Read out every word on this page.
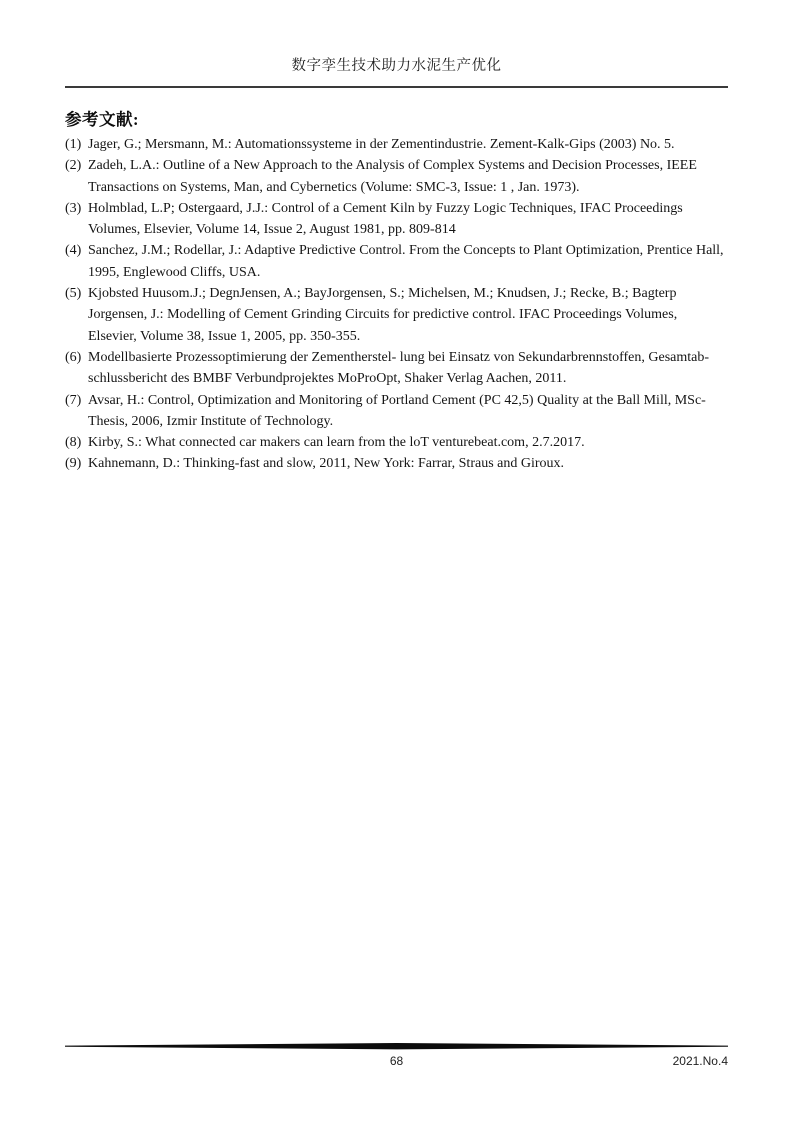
数字孪生技术助力水泥生产优化
参考文献:
(1) Jager, G.; Mersmann, M.: Automationssysteme in der Zementindustrie. Zement-Kalk-Gips (2003) No. 5.
(2) Zadeh, L.A.: Outline of a New Approach to the Analysis of Complex Systems and Decision Processes, IEEE Transactions on Systems, Man, and Cybernetics (Volume: SMC-3, Issue: 1 , Jan. 1973).
(3) Holmblad, L.P; Ostergaard, J.J.: Control of a Cement Kiln by Fuzzy Logic Techniques, IFAC Proceedings Volumes, Elsevier, Volume 14, Issue 2, August 1981, pp. 809-814
(4) Sanchez, J.M.; Rodellar, J.: Adaptive Predictive Control. From the Concepts to Plant Optimization, Prentice Hall, 1995, Englewood Cliffs, USA.
(5) Kjobsted Huusom.J.; DegnJensen, A.; BayJorgensen, S.; Michelsen, M.; Knudsen, J.; Recke, B.; Bagterp Jorgensen, J.: Modelling of Cement Grinding Circuits for predictive control. IFAC Proceedings Volumes, Elsevier, Volume 38, Issue 1, 2005, pp. 350-355.
(6) Modellbasierte Prozessoptimierung der Zementherstel- lung bei Einsatz von Sekundarbrennstoffen, Gesamtab-schlussbericht des BMBF Verbundprojektes MoProOpt, Shaker Verlag Aachen, 2011.
(7) Avsar, H.: Control, Optimization and Monitoring of Portland Cement (PC 42,5) Quality at the Ball Mill, MSc-Thesis, 2006, Izmir Institute of Technology.
(8) Kirby, S.: What connected car makers can learn from the loT venturebeat.com, 2.7.2017.
(9) Kahnemann, D.: Thinking-fast and slow, 2011, New York: Farrar, Straus and Giroux.
68	2021.No.4
